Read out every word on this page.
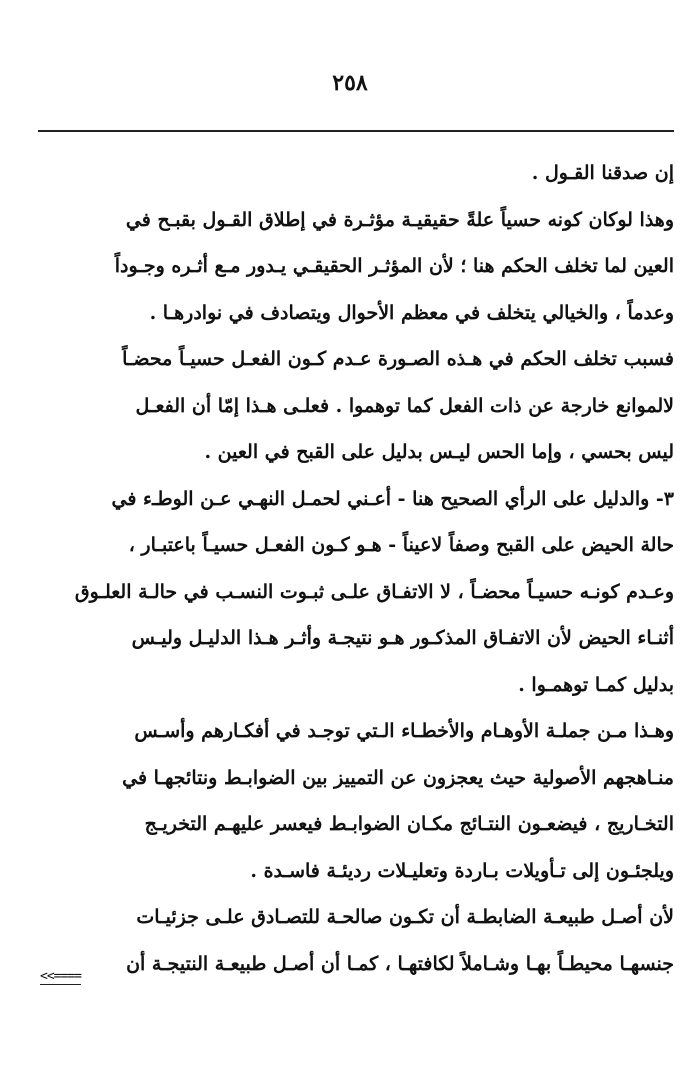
٢٥٨
إن صدقنا القـول .
وهذا لوكان كونه حسياً علةً حقيقيـة مؤثـرة في إطلاق القـول بقبـح في
العين لما تخلف الحكم هنا ؛ لأن المؤثـر الحقيقـي يـدور مـع أثـره وجـوداً
وعدماً ، والخيالي يتخلف في معظم الأحوال ويتصادف في نوادرهـا .
فسبب تخلف الحكم في هـذه الصـورة عـدم كـون الفعـل حسيـاً محضـاً
لالموانع خارجة عن ذات الفعل كما توهموا . فعلـى هـذا إمّا أن الفعـل
ليس بحسي ، وإما الحس ليـس بدليل على القبح في العين .
٣- والدليل على الرأي الصحيح هنا - أعـني لحمـل النهـي عـن الوطـء في
حالة الحيض على القبح وصفاً لاعيناً - هـو كـون الفعـل حسيـاً باعتبـار ،
وعـدم كونـه حسيـاً محضـاً ، لا الاتفـاق علـى ثبـوت النسـب في حالـة العلـوق
أثنـاء الحيض لأن الاتفـاق المذكـور هـو نتيجـة وأثـر هـذا الدليـل وليـس
بدليل كمـا توهمـوا .
وهـذا مـن جملـة الأوهـام والأخطـاء الـتي توجـد في أفكـارهم وأسـس
منـاهجهم الأصولية حيث يعجزون عن التمييز بين الضوابـط ونتائجهـا في
التخـاريج ، فيضعـون النتـائج مكـان الضوابـط فيعسر عليهـم التخريـج
ويلجئـون إلى تـأويلات بـاردة وتعليـلات رديئـة فاسـدة .
لأن أصـل طبيعـة الضابطـة أن تكـون صالحـة للتصـادق علـى جزئيـات
جنسهـا محيطـاً بهـا وشـاملاً لكافتهـا ، كمـا أن أصـل طبيعـة النتيجـة أن
<<====
